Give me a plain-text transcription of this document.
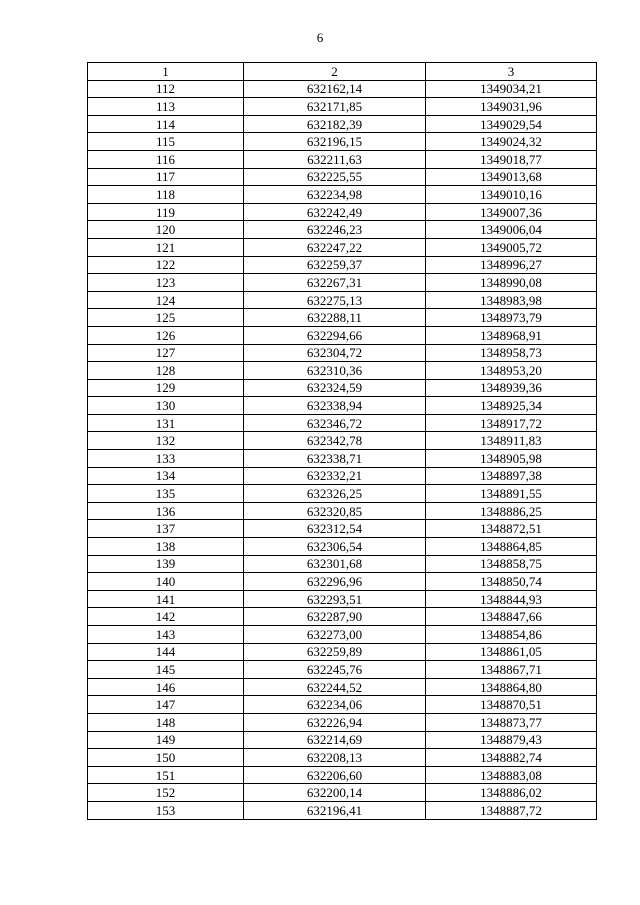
6
1	2	3
112	632162,14	1349034,21
113	632171,85	1349031,96
114	632182,39	1349029,54
115	632196,15	1349024,32
116	632211,63	1349018,77
117	632225,55	1349013,68
118	632234,98	1349010,16
119	632242,49	1349007,36
120	632246,23	1349006,04
121	632247,22	1349005,72
122	632259,37	1348996,27
123	632267,31	1348990,08
124	632275,13	1348983,98
125	632288,11	1348973,79
126	632294,66	1348968,91
127	632304,72	1348958,73
128	632310,36	1348953,20
129	632324,59	1348939,36
130	632338,94	1348925,34
131	632346,72	1348917,72
132	632342,78	1348911,83
133	632338,71	1348905,98
134	632332,21	1348897,38
135	632326,25	1348891,55
136	632320,85	1348886,25
137	632312,54	1348872,51
138	632306,54	1348864,85
139	632301,68	1348858,75
140	632296,96	1348850,74
141	632293,51	1348844,93
142	632287,90	1348847,66
143	632273,00	1348854,86
144	632259,89	1348861,05
145	632245,76	1348867,71
146	632244,52	1348864,80
147	632234,06	1348870,51
148	632226,94	1348873,77
149	632214,69	1348879,43
150	632208,13	1348882,74
151	632206,60	1348883,08
152	632200,14	1348886,02
153	632196,41	1348887,72
